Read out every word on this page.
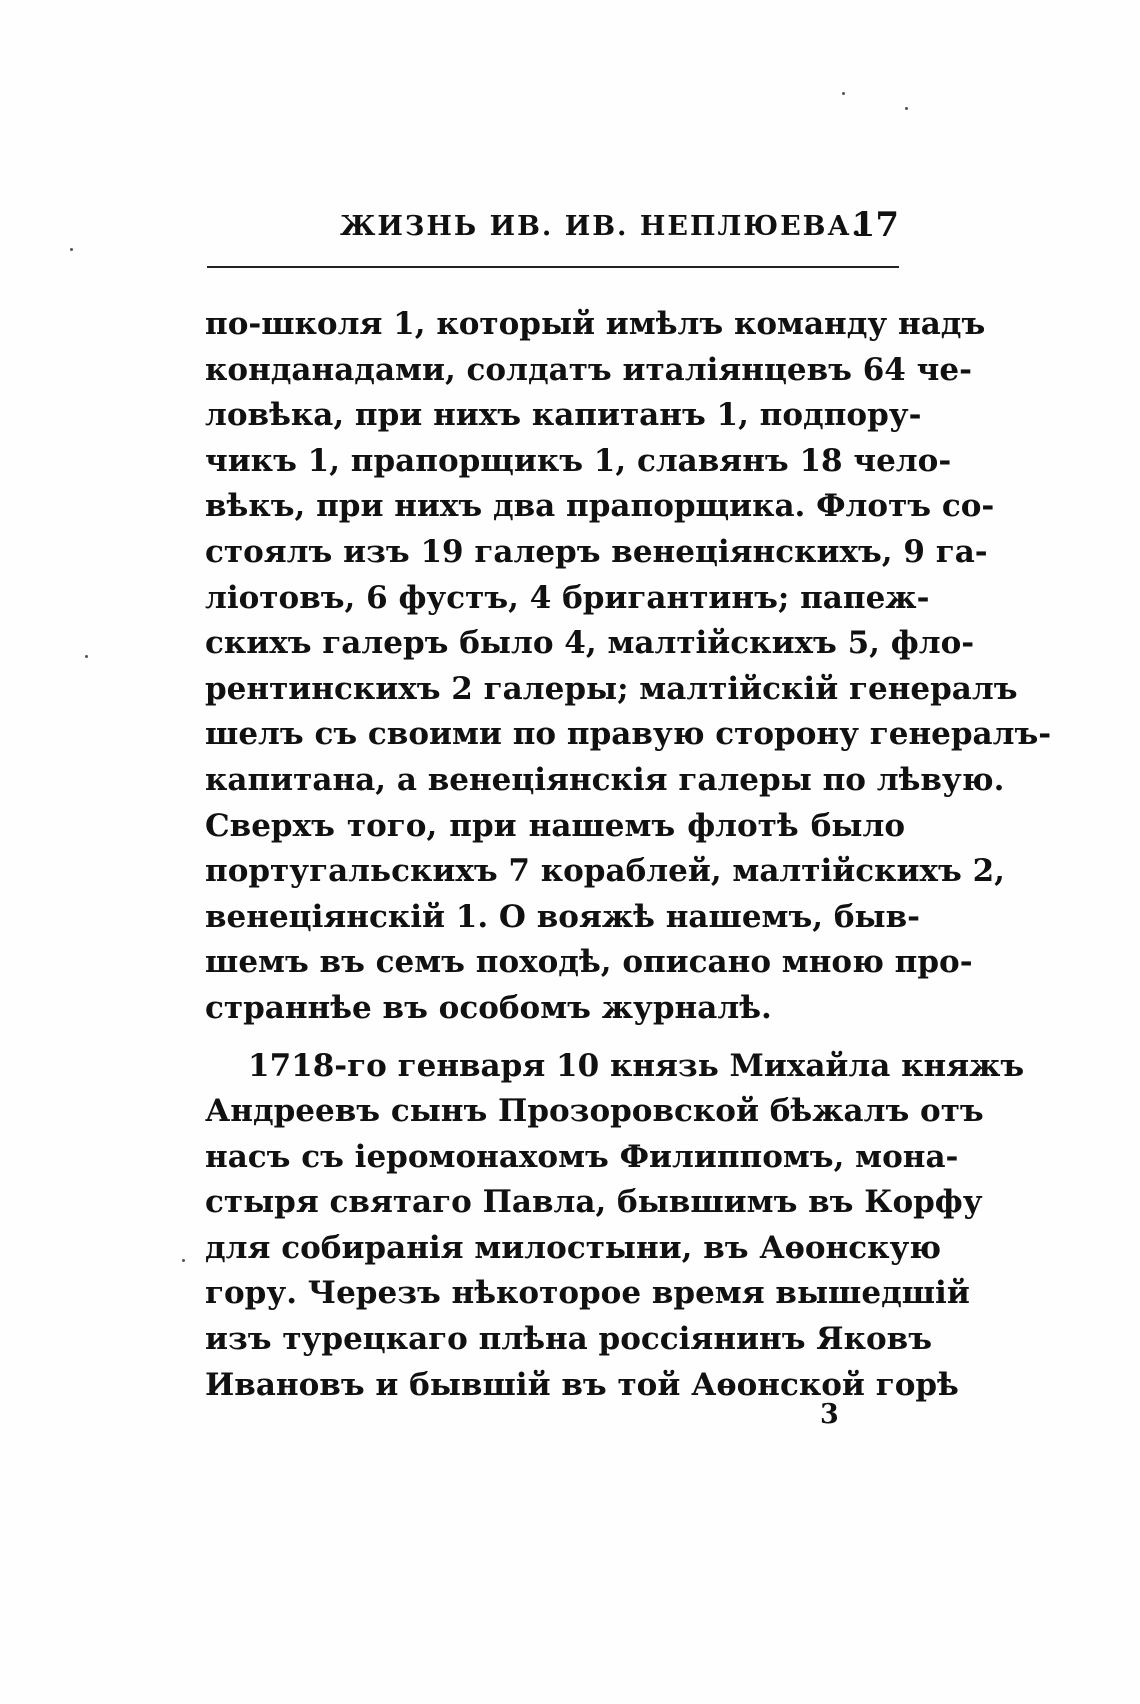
ЖИЗНЬ ИВ. ИВ. НЕПЛЮЕВА.
17
по-школя 1, который имѣлъ команду надъ
конданадами, солдатъ италіянцевъ 64 че-
ловѣка, при нихъ капитанъ 1, подпору-
чикъ 1, прапорщикъ 1, славянъ 18 чело-
вѣкъ, при нихъ два прапорщика. Флотъ со-
стоялъ изъ 19 галеръ венеціянскихъ, 9 га-
ліотовъ, 6 фустъ, 4 бригантинъ; папеж-
скихъ галеръ было 4, малтійскихъ 5, фло-
рентинскихъ 2 галеры; малтійскій генералъ
шелъ съ своими по правую сторону генералъ-
капитана, а венеціянскія галеры по лѣвую.
Сверхъ того, при нашемъ флотѣ было
португальскихъ 7 кораблей, малтійскихъ 2,
венеціянскій 1. О вояжѣ нашемъ, быв-
шемъ въ семъ походѣ, описано мною про-
страннѣе въ особомъ журналѣ.
1718-го генваря 10 князь Михайла княжъ
Андреевъ сынъ Прозоровской бѣжалъ отъ
насъ съ іеромонахомъ Филиппомъ, мона-
стыря святаго Павла, бывшимъ въ Корфу
для собиранія милостыни, въ Аѳонскую
гору. Черезъ нѣкоторое время вышедшій
изъ турецкаго плѣна россіянинъ Яковъ
Ивановъ и бывшій въ той Аѳонской горѣ
3
